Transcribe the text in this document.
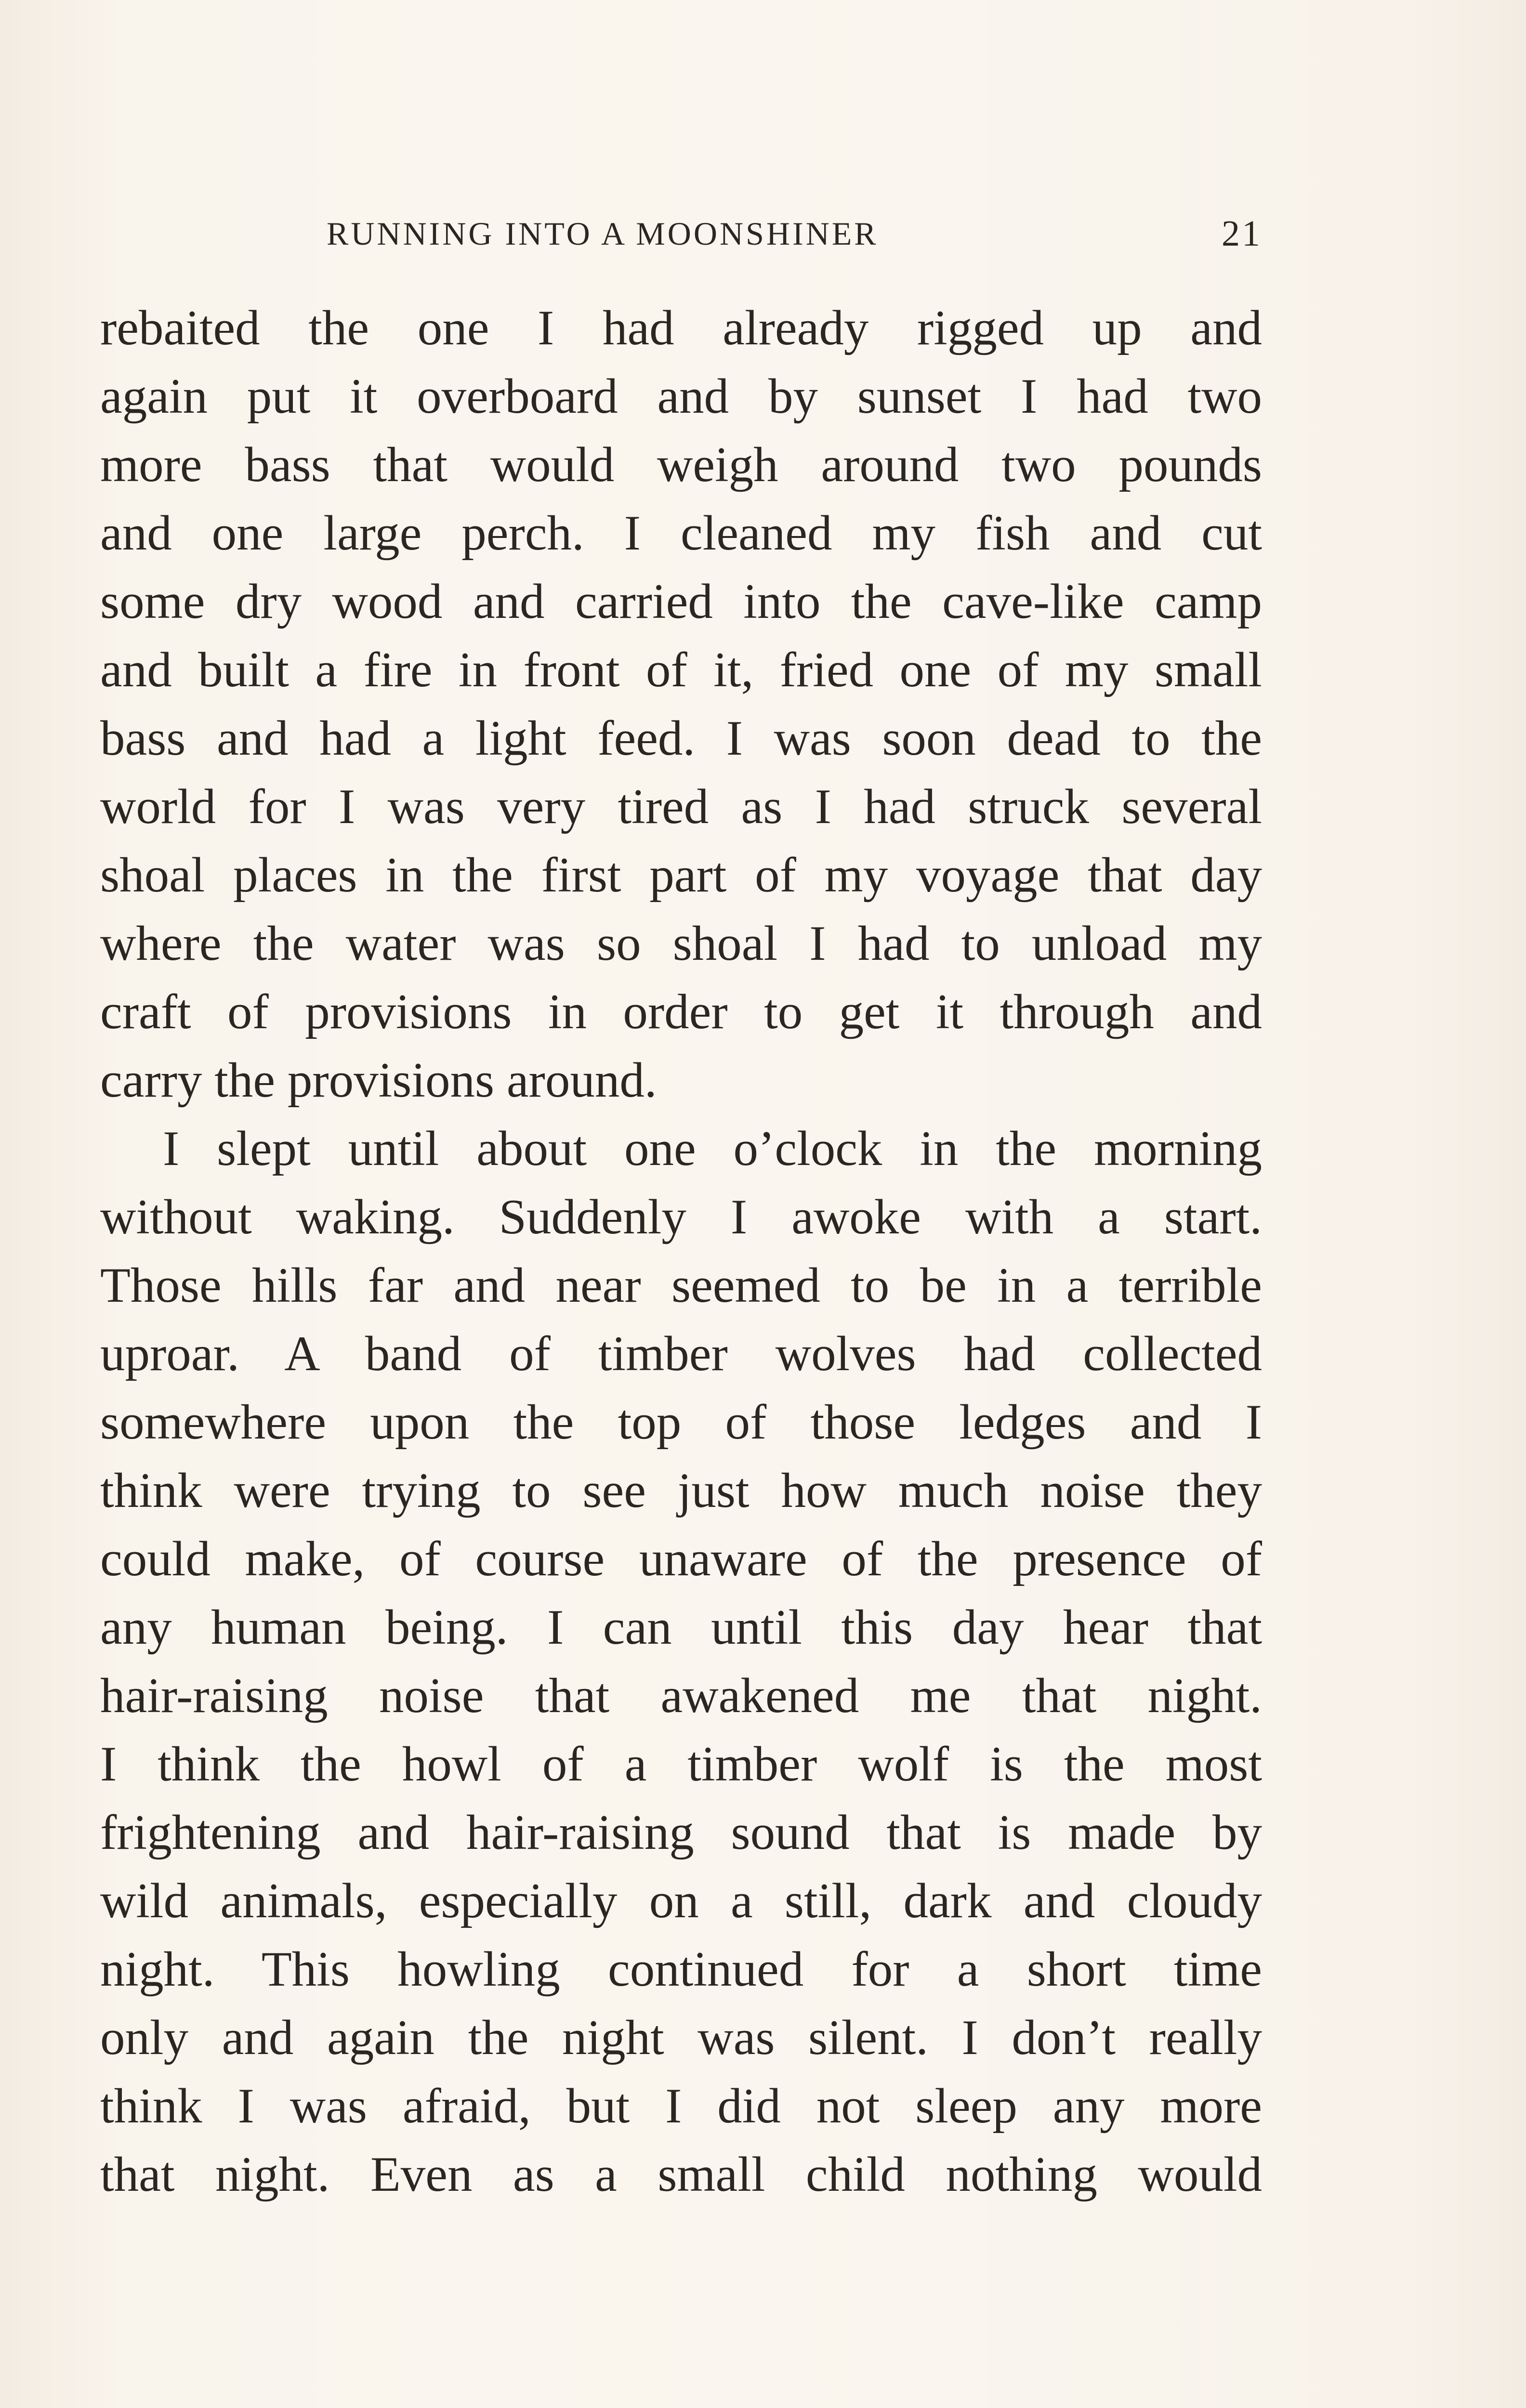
RUNNING INTO A MOONSHINER	21
rebaited the one I had already rigged up and
again put it overboard and by sunset I had two
more bass that would weigh around two pounds
and one large perch. I cleaned my fish and cut
some dry wood and carried into the cave-like camp
and built a fire in front of it, fried one of my small
bass and had a light feed. I was soon dead to the
world for I was very tired as I had struck several
shoal places in the first part of my voyage that day
where the water was so shoal I had to unload my
craft of provisions in order to get it through and
carry the provisions around.
I slept until about one o’clock in the morning
without waking. Suddenly I awoke with a start.
Those hills far and near seemed to be in a terrible
uproar. A band of timber wolves had collected
somewhere upon the top of those ledges and I
think were trying to see just how much noise they
could make, of course unaware of the presence of
any human being. I can until this day hear that
hair-raising noise that awakened me that night.
I think the howl of a timber wolf is the most
frightening and hair-raising sound that is made by
wild animals, especially on a still, dark and cloudy
night. This howling continued for a short time
only and again the night was silent. I don’t really
think I was afraid, but I did not sleep any more
that night. Even as a small child nothing would
